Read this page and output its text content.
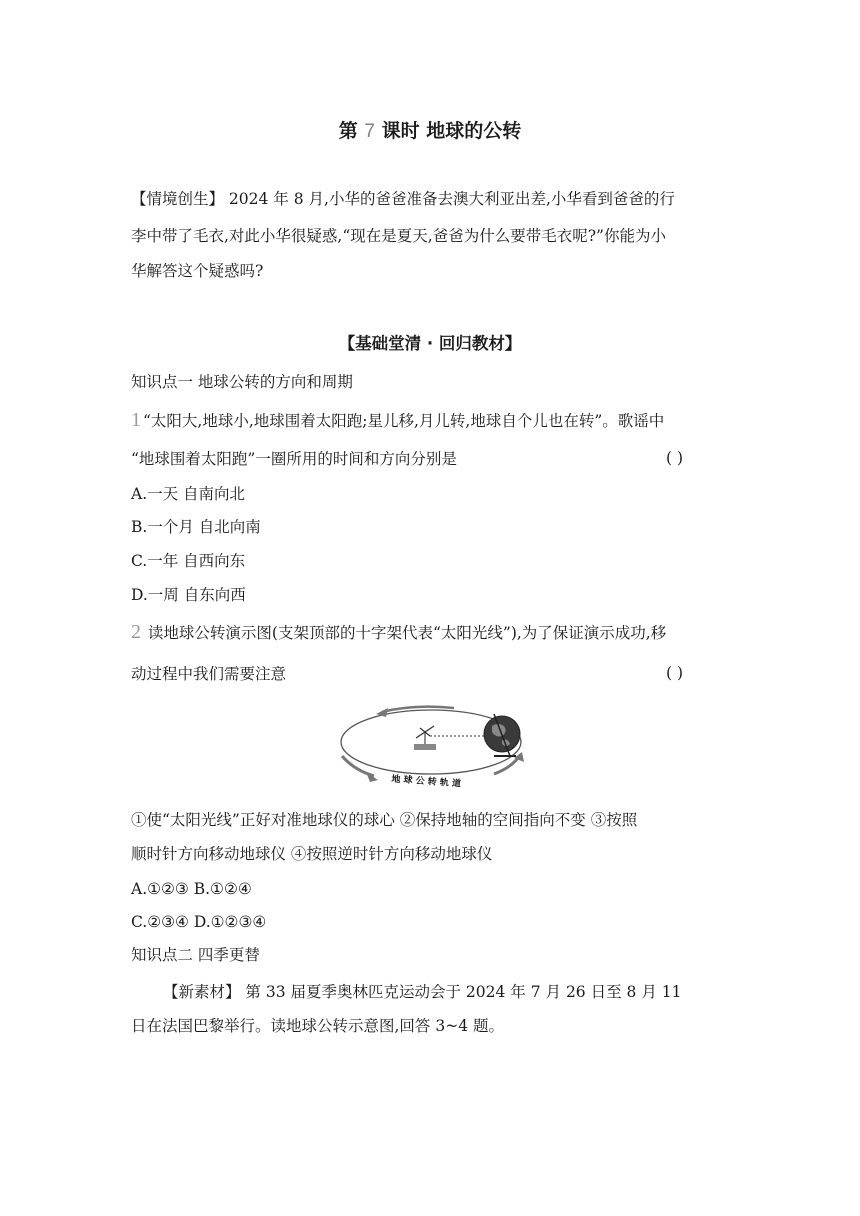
第 7 课时 地球的公转
【情境创生】 2024 年 8 月,小华的爸爸准备去澳大利亚出差,小华看到爸爸的行
李中带了毛衣,对此小华很疑惑,“现在是夏天,爸爸为什么要带毛衣呢?”你能为小
华解答这个疑惑吗?
【基础堂清 · 回归教材】
知识点一 地球公转的方向和周期
1 “太阳大,地球小,地球围着太阳跑;星儿移,月儿转,地球自个儿也在转”。歌谣中
“地球围着太阳跑”一圈所用的时间和方向分别是	( )
A.一天 自南向北
B.一个月 自北向南
C.一年 自西向东
D.一周 自东向西
2 读地球公转演示图(支架顶部的十字架代表“太阳光线”),为了保证演示成功,移
动过程中我们需要注意	( )
地 球 公 转 轨 道
①使“太阳光线”正好对准地球仪的球心 ②保持地轴的空间指向不变 ③按照
顺时针方向移动地球仪 ④按照逆时针方向移动地球仪
A.①②③ B.①②④
C.②③④ D.①②③④
知识点二 四季更替
【新素材】 第 33 届夏季奥林匹克运动会于 2024 年 7 月 26 日至 8 月 11
日在法国巴黎举行。读地球公转示意图,回答 3~4 题。
